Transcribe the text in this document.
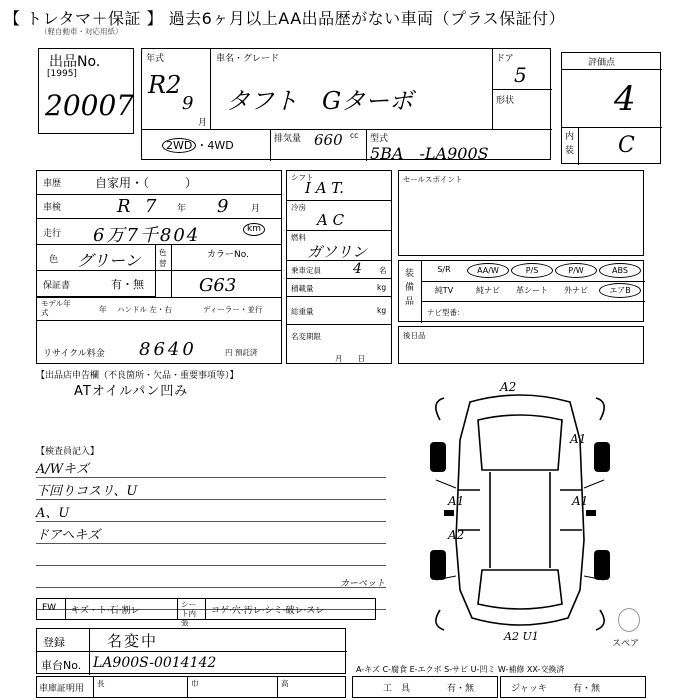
【 トレタマ＋保証 】 過去6ヶ月以上AA出品歴がない車両（プラス保証付）
（軽自動車・対応用紙）
出品No.
[1995]
20007
年式
R2
9
月
車名・グレード
タフト　Gターボ
ドア
5
形状
2WD ・4WD	排気量 660 cc 型式
5BA　-LA900S
評価点
4
内装 C
車歴	自家用・（　　　）
車検	R 7 年 9	月
走行 6万7千804	km
色 グリーン 色替
カラーNo.
G63
保証書	有・無
モデル年式	年 ハンドル 左・右	ディーラー・並行
リサイクル料金 8640	円 預託済
シフト
I A T.
冷房
A C
燃料
ガソリン
乗車定員 4 名
積載量	kg
総重量	kg
名変期限
月　　日
セールスポイント
装備品
S/R	AA/W	P/S	P/W	ABS
純TV	純ナビ	革シート	外ナビ	エアB
ナビ型番：
後日品
【出品店申告欄（不良箇所・欠品・重要事項等）】
ATオイルパン凹み
【検査員記入】
A/Wキズ
下回りコスリ、U
A、U
ドアへキズ
A2
A1
A1	A1
A2
カーペット
A2 U1
スペア
FW キズ・ト·石·割レ
シート内張
コゲ·穴·汚レ·シミ·破レ·スレ
登録	名変中
車台No. LA900S-0014142
車庫証明用
長	巾	高
A-キズ C-腐食 E-エクボ S-サビ U-凹ミ W-補修 XX-交換済
工　具	有・無	ジャッキ	有・無
